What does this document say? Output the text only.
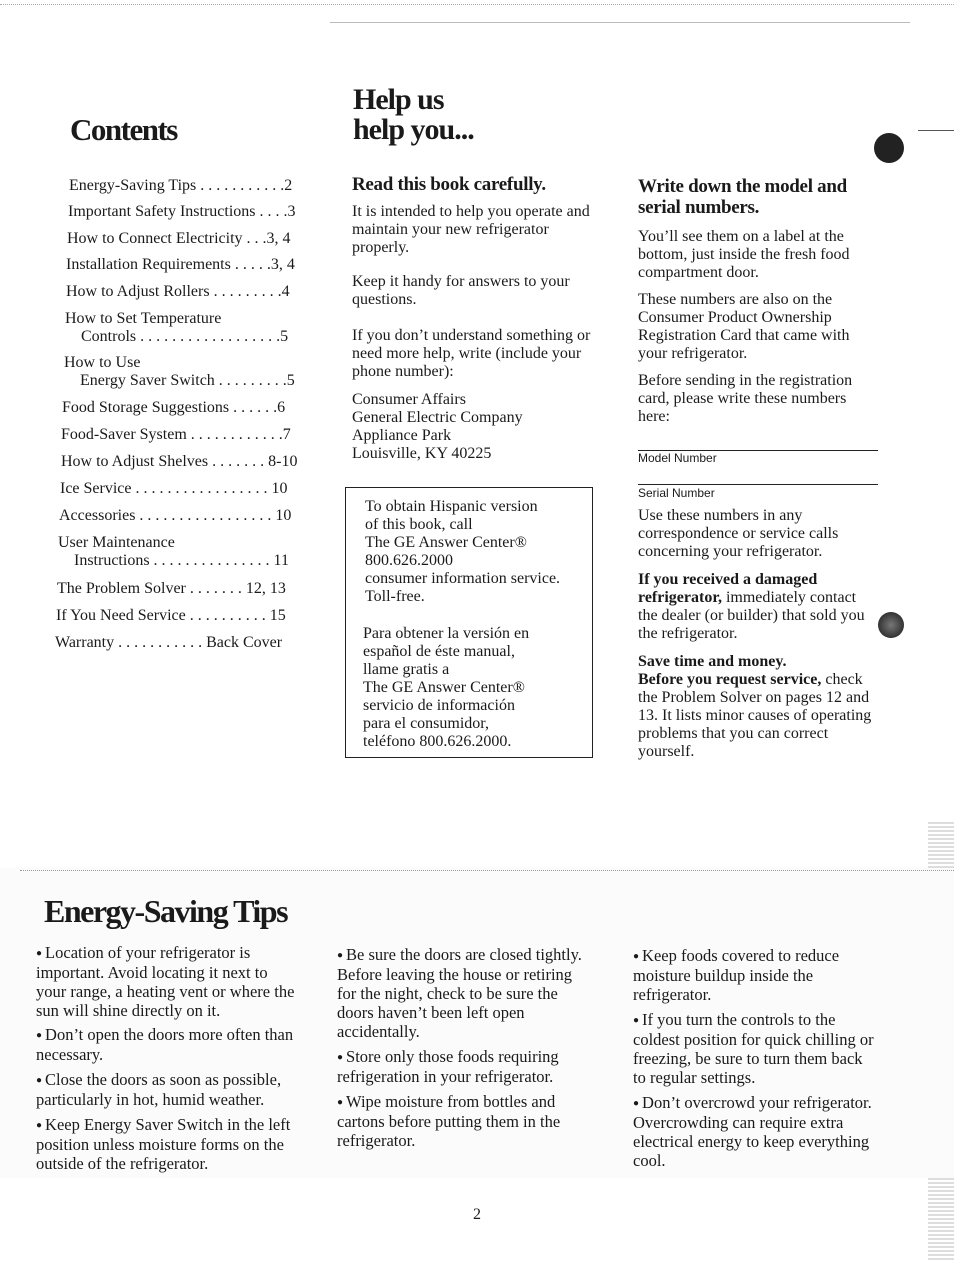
Contents
Help us
help you...

Energy-Saving Tips . . . . . . . . . . .2

Important Safety Instructions . . . .3

How to Connect Electricity . . .3, 4

Installation Requirements . . . . .3, 4

How to Adjust Rollers . . . . . . . . .4

How to Set Temperature
Controls . . . . . . . . . . . . . . . . . .5

How to Use
Energy Saver Switch . . . . . . . . .5

Food Storage Suggestions . . . . . .6

Food-Saver System . . . . . . . . . . . .7

How to Adjust Shelves . . . . . . . 8-10

Ice Service . . . . . . . . . . . . . . . . . 10

Accessories . . . . . . . . . . . . . . . . . 10

User Maintenance
Instructions . . . . . . . . . . . . . . . 11

The Problem Solver . . . . . . . 12, 13

If You Need Service . . . . . . . . . . 15

Warranty . . . . . . . . . . . Back Cover

Read this book carefully.

It is intended to help you operate and maintain your new refrigerator properly.

Keep it handy for answers to your questions.

If you don’t understand something or need more help, write (include your phone number):

Consumer Affairs
General Electric Company
Appliance Park
Louisville, KY 40225
To obtain Hispanic version
of this book, call
The GE Answer Center®
800.626.2000
consumer information service.
Toll-free.
Para obtener la versión en
español de éste manual,
llame gratis a
The GE Answer Center®
servicio de información
para el consumidor,
teléfono 800.626.2000.
Write down the model and
serial numbers.

You’ll see them on a label at the bottom, just inside the fresh food compartment door.

These numbers are also on the Consumer Product Ownership Registration Card that came with your refrigerator.

Before sending in the registration card, please write these numbers here:

Model Number
Serial Number

Use these numbers in any correspondence or service calls concerning your refrigerator.

If you received a damaged refrigerator, immediately contact the dealer (or builder) that sold you the refrigerator.

Save time and money.
Before you request service, check the Problem Solver on pages 12 and 13. It lists minor causes of operating problems that you can correct yourself.

Energy-Saving Tips

● Location of your refrigerator is important. Avoid locating it next to your range, a heating vent or where the sun will shine directly on it.

● Don’t open the doors more often than necessary.

● Close the doors as soon as possible, particularly in hot, humid weather.

● Keep Energy Saver Switch in the left position unless moisture forms on the outside of the refrigerator.

● Be sure the doors are closed tightly. Before leaving the house or retiring for the night, check to be sure the doors haven’t been left open accidentally.

● Store only those foods requiring refrigeration in your refrigerator.

● Wipe moisture from bottles and cartons before putting them in the refrigerator.

● Keep foods covered to reduce moisture buildup inside the refrigerator.

● If you turn the controls to the coldest position for quick chilling or freezing, be sure to turn them back to regular settings.

● Don’t overcrowd your refrigerator. Overcrowding can require extra electrical energy to keep everything cool.

2
